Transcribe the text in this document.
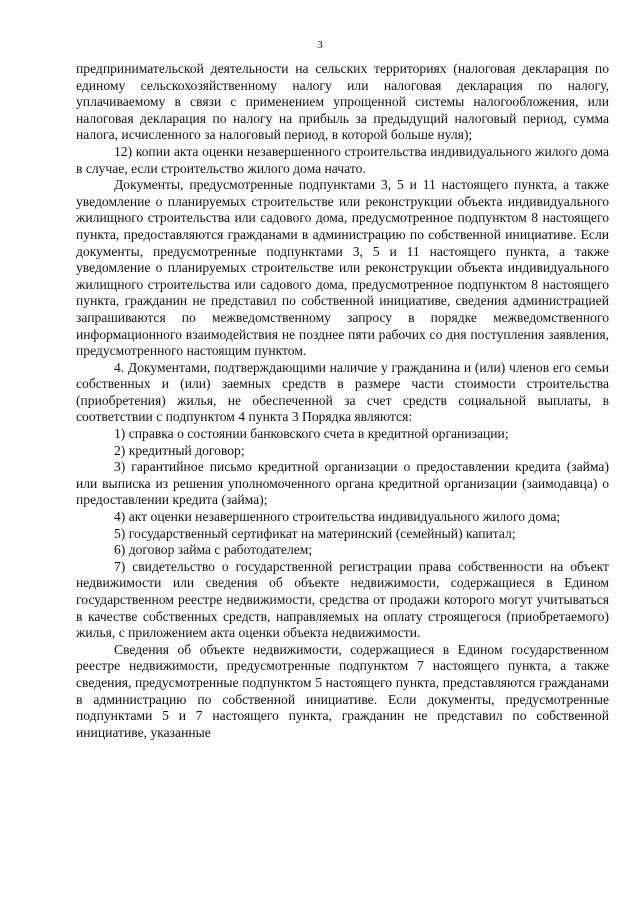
3

предпринимательской деятельности на сельских территориях (налоговая декларация по единому сельскохозяйственному налогу или налоговая декларация по налогу, уплачиваемому в связи с применением упрощенной системы налогообложения, или налоговая декларация по налогу на прибыль за предыдущий налоговый период, сумма налога, исчисленного за налоговый период, в которой больше нуля);

12) копии акта оценки незавершенного строительства индивидуального жилого дома в случае, если строительство жилого дома начато.

Документы, предусмотренные подпунктами 3, 5 и 11 настоящего пункта, а также уведомление о планируемых строительстве или реконструкции объекта индивидуального жилищного строительства или садового дома, предусмотренное подпунктом 8 настоящего пункта, предоставляются гражданами в администрацию по собственной инициативе. Если документы, предусмотренные подпунктами 3, 5 и 11 настоящего пункта, а также уведомление о планируемых строительстве или реконструкции объекта индивидуального жилищного строительства или садового дома, предусмотренное подпунктом 8 настоящего пункта, гражданин не представил по собственной инициативе, сведения администрацией запрашиваются по межведомственному запросу в порядке межведомственного информационного взаимодействия не позднее пяти рабочих со дня поступления заявления, предусмотренного настоящим пунктом.

4. Документами, подтверждающими наличие у гражданина и (или) членов его семьи собственных и (или) заемных средств в размере части стоимости строительства (приобретения) жилья, не обеспеченной за счет средств социальной выплаты, в соответствии с подпунктом 4 пункта 3 Порядка являются:

1) справка о состоянии банковского счета в кредитной организации;

2) кредитный договор;

3) гарантийное письмо кредитной организации о предоставлении кредита (займа) или выписка из решения уполномоченного органа кредитной организации (заимодавца) о предоставлении кредита (займа);

4) акт оценки незавершенного строительства индивидуального жилого дома;

5) государственный сертификат на материнский (семейный) капитал;

6) договор займа с работодателем;

7) свидетельство о государственной регистрации права собственности на объект недвижимости или сведения об объекте недвижимости, содержащиеся в Едином государственном реестре недвижимости, средства от продажи которого могут учитываться в качестве собственных средств, направляемых на оплату строящегося (приобретаемого) жилья, с приложением акта оценки объекта недвижимости.

Сведения об объекте недвижимости, содержащиеся в Едином государственном реестре недвижимости, предусмотренные подпунктом 7 настоящего пункта, а также сведения, предусмотренные подпунктом 5 настоящего пункта, представляются гражданами в администрацию по собственной инициативе. Если документы, предусмотренные подпунктами 5 и 7 настоящего пункта, гражданин не представил по собственной инициативе, указанные
